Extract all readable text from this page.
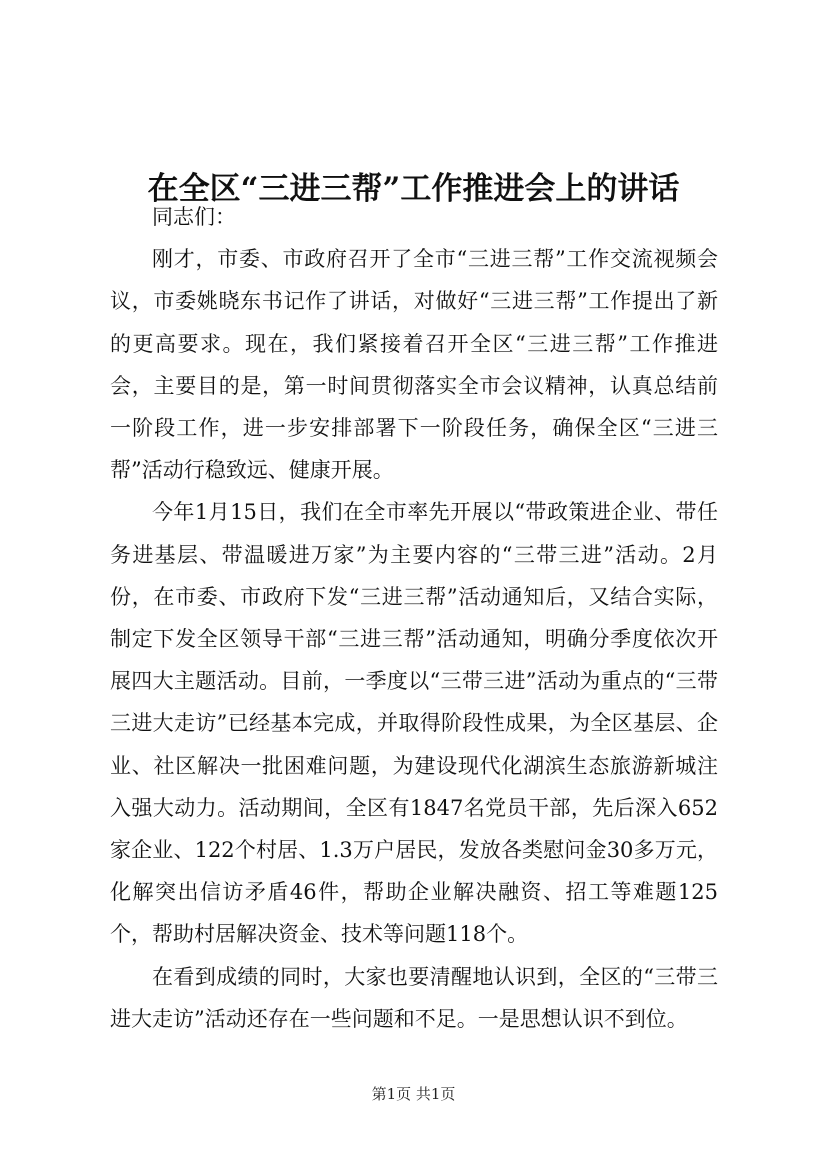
在全区“三进三帮”工作推进会上的讲话

同志们：

刚才，市委、市政府召开了全市“三进三帮”工作交流视频会议，市委姚晓东书记作了讲话，对做好“三进三帮”工作提出了新的更高要求。现在，我们紧接着召开全区“三进三帮”工作推进会，主要目的是，第一时间贯彻落实全市会议精神，认真总结前一阶段工作，进一步安排部署下一阶段任务，确保全区“三进三帮”活动行稳致远、健康开展。

今年1月15日，我们在全市率先开展以“带政策进企业、带任务进基层、带温暖进万家”为主要内容的“三带三进”活动。2月份，在市委、市政府下发“三进三帮”活动通知后，又结合实际，制定下发全区领导干部“三进三帮”活动通知，明确分季度依次开展四大主题活动。目前，一季度以“三带三进”活动为重点的“三带三进大走访”已经基本完成，并取得阶段性成果，为全区基层、企业、社区解决一批困难问题，为建设现代化湖滨生态旅游新城注入强大动力。活动期间，全区有1847名党员干部，先后深入652家企业、122个村居、1.3万户居民，发放各类慰问金30多万元，化解突出信访矛盾46件，帮助企业解决融资、招工等难题125个，帮助村居解决资金、技术等问题118个。

在看到成绩的同时，大家也要清醒地认识到，全区的“三带三进大走访”活动还存在一些问题和不足。一是思想认识不到位。

第1页 共1页
